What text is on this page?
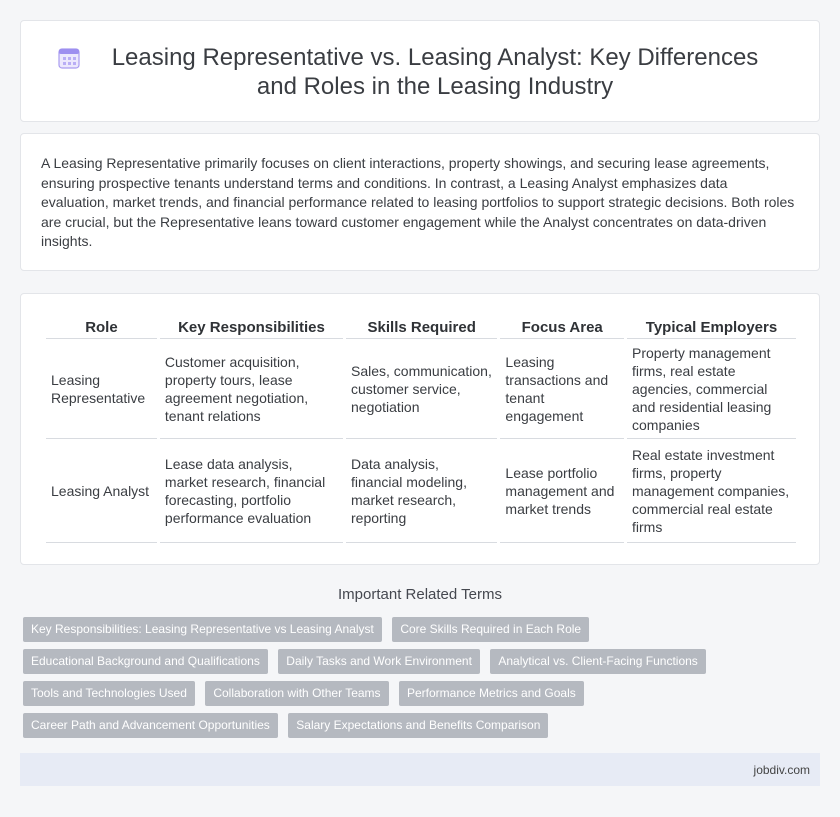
Leasing Representative vs. Leasing Analyst: Key Differences and Roles in the Leasing Industry

A Leasing Representative primarily focuses on client interactions, property showings, and securing lease agreements, ensuring prospective tenants understand terms and conditions. In contrast, a Leasing Analyst emphasizes data evaluation, market trends, and financial performance related to leasing portfolios to support strategic decisions. Both roles are crucial, but the Representative leans toward customer engagement while the Analyst concentrates on data-driven insights.

Role	Key Responsibilities	Skills Required	Focus Area	Typical Employers
Leasing Representative	Customer acquisition, property tours, lease agreement negotiation, tenant relations	Sales, communication, customer service, negotiation	Leasing transactions and tenant engagement	Property management firms, real estate agencies, commercial and residential leasing companies
Leasing Analyst	Lease data analysis, market research, financial forecasting, portfolio performance evaluation	Data analysis, financial modeling, market research, reporting	Lease portfolio management and market trends	Real estate investment firms, property management companies, commercial real estate firms
Important Related Terms
Key Responsibilities: Leasing Representative vs Leasing Analyst Core Skills Required in Each Role
Educational Background and Qualifications Daily Tasks and Work Environment Analytical vs. Client-Facing Functions
Tools and Technologies Used Collaboration with Other Teams Performance Metrics and Goals
Career Path and Advancement Opportunities Salary Expectations and Benefits Comparison
jobdiv.com
